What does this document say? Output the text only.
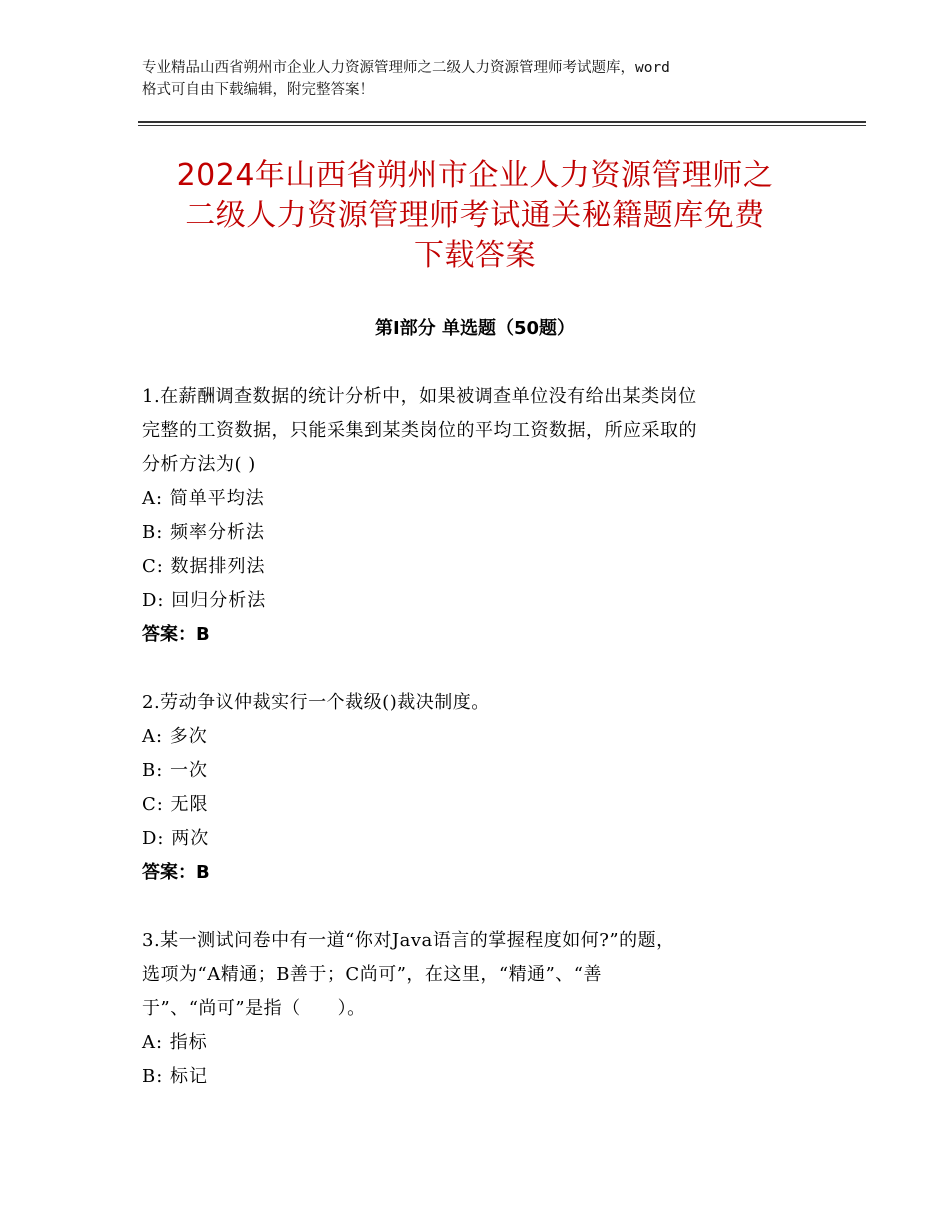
专业精品山西省朔州市企业人力资源管理师之二级人力资源管理师考试题库，word
格式可自由下载编辑，附完整答案！
2024年山西省朔州市企业人力资源管理师之
二级人力资源管理师考试通关秘籍题库免费
下载答案
第Ⅰ部分 单选题（50题）
1.在薪酬调查数据的统计分析中，如果被调查单位没有给出某类岗位
完整的工资数据，只能采集到某类岗位的平均工资数据，所应采取的
分析方法为( )
A: 简单平均法
B: 频率分析法
C: 数据排列法
D: 回归分析法
答案：B
2.劳动争议仲裁实行一个裁级()裁决制度。
A: 多次
B: 一次
C: 无限
D: 两次
答案：B
3.某一测试问卷中有一道“你对Java语言的掌握程度如何?”的题，
选项为“A精通；B善于；C尚可”，在这里，“精通”、“善
于”、“尚可”是指（　　）。
A: 指标
B: 标记
